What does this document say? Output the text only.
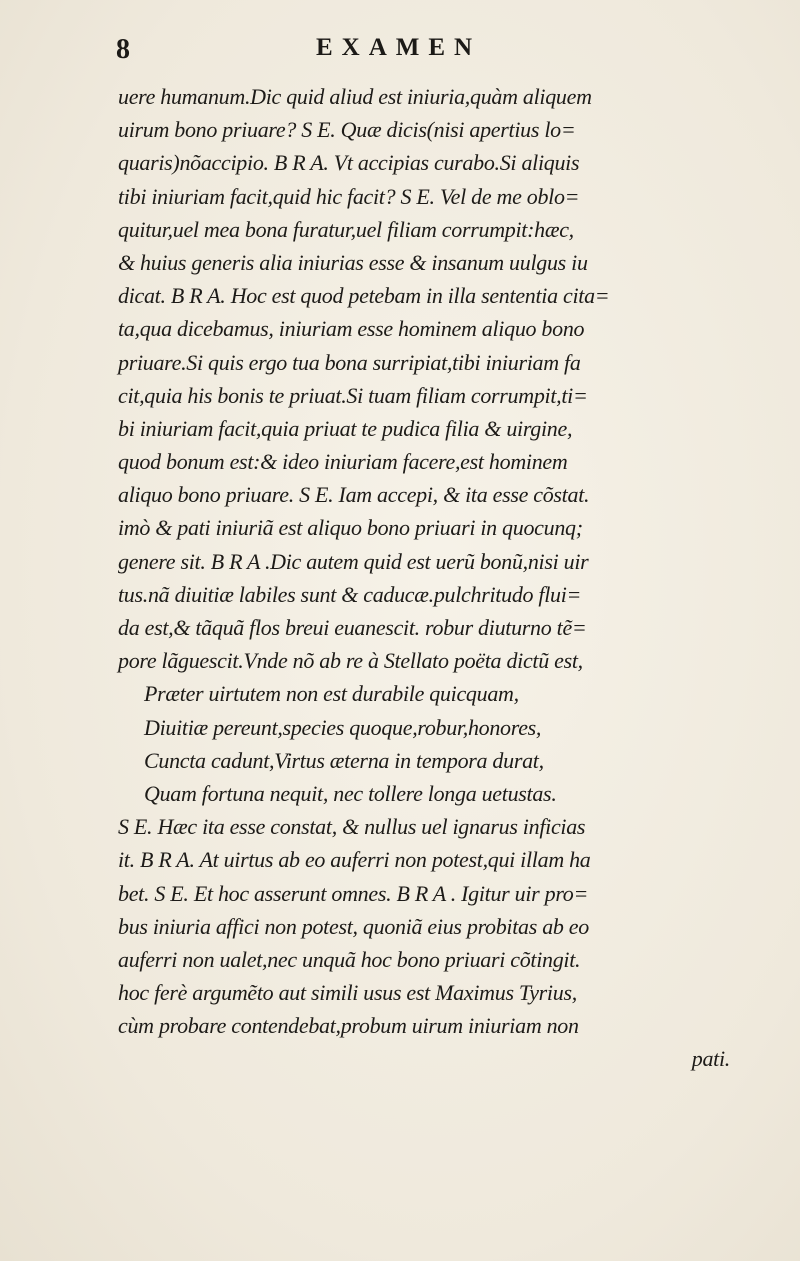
8	EXAMEN
uere humanum.Dic quid aliud est iniuria,quàm aliquem
uirum bono priuare? S E. Quæ dicis(nisi apertius lo=
quaris)nõaccipio. B R A. Vt accipias curabo.Si aliquis
tibi iniuriam facit,quid hic facit? S E. Vel de me oblo=
quitur,uel mea bona furatur,uel filiam corrumpit:hæc,
& huius generis alia iniurias esse & insanum uulgus iu
dicat. B R A. Hoc est quod petebam in illa sententia cita=
ta,qua dicebamus, iniuriam esse hominem aliquo bono
priuare.Si quis ergo tua bona surripiat,tibi iniuriam fa
cit,quia his bonis te priuat.Si tuam filiam corrumpit,ti=
bi iniuriam facit,quia priuat te pudica filia & uirgine,
quod bonum est:& ideo iniuriam facere,est hominem
aliquo bono priuare. S E. Iam accepi, & ita esse cõstat.
imò & pati iniuriã est aliquo bono priuari in quocunq;
genere sit. B R A .Dic autem quid est uerũ bonũ,nisi uir
tus.nã diuitiæ labiles sunt & caducæ.pulchritudo flui=
da est,& tãquã flos breui euanescit. robur diuturno tẽ=
pore lãguescit.Vnde nõ ab re à Stellato poëta dictũ est,
Præter uirtutem non est durabile quicquam,
Diuitiæ pereunt,species quoque,robur,honores,
Cuncta cadunt,Virtus æterna in tempora durat,
Quam fortuna nequit, nec tollere longa uetustas.
S E. Hæc ita esse constat, & nullus uel ignarus inficias
it. B R A. At uirtus ab eo auferri non potest,qui illam ha
bet. S E. Et hoc asserunt omnes. B R A . Igitur uir pro=
bus iniuria affici non potest, quoniã eius probitas ab eo
auferri non ualet,nec unquã hoc bono priuari cõtingit.
hoc ferè argumẽto aut simili usus est Maximus Tyrius,
cùm probare contendebat,probum uirum iniuriam non
pati.
